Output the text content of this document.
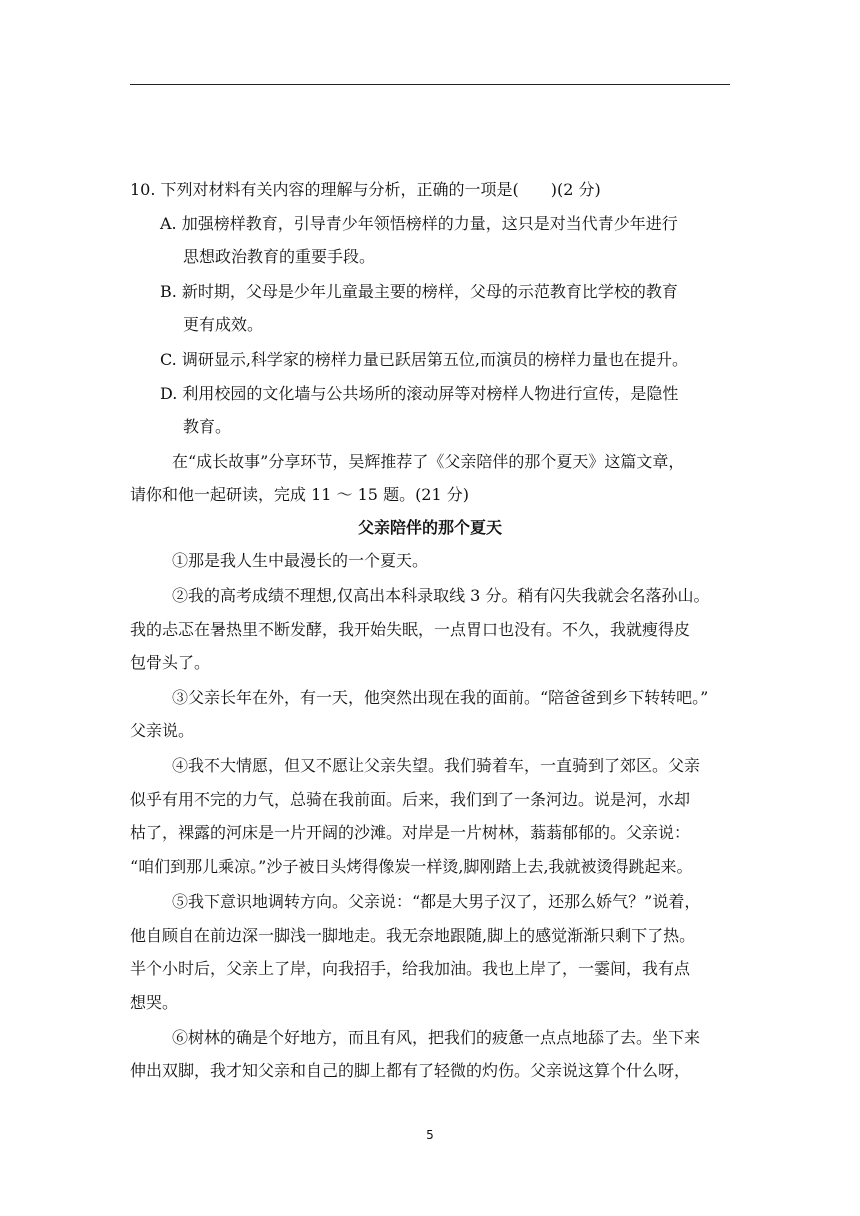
10. 下列对材料有关内容的理解与分析，正确的一项是(　　)(2 分)
A. 加强榜样教育，引导青少年领悟榜样的力量，这只是对当代青少年进行
思想政治教育的重要手段。
B. 新时期，父母是少年儿童最主要的榜样，父母的示范教育比学校的教育
更有成效。
C. 调研显示,科学家的榜样力量已跃居第五位,而演员的榜样力量也在提升。
D. 利用校园的文化墙与公共场所的滚动屏等对榜样人物进行宣传，是隐性
教育。
在“成长故事”分享环节，吴辉推荐了《父亲陪伴的那个夏天》这篇文章，
请你和他一起研读，完成 11 ～ 15 题。(21 分)
父亲陪伴的那个夏天
①那是我人生中最漫长的一个夏天。
②我的高考成绩不理想,仅高出本科录取线 3 分。稍有闪失我就会名落孙山。
我的忐忑在暑热里不断发酵，我开始失眠，一点胃口也没有。不久，我就瘦得皮
包骨头了。
③父亲长年在外，有一天，他突然出现在我的面前。“陪爸爸到乡下转转吧。”
父亲说。
④我不大情愿，但又不愿让父亲失望。我们骑着车，一直骑到了郊区。父亲
似乎有用不完的力气，总骑在我前面。后来，我们到了一条河边。说是河，水却
枯了，裸露的河床是一片开阔的沙滩。对岸是一片树林，蓊蓊郁郁的。父亲说：
“咱们到那儿乘凉。”沙子被日头烤得像炭一样烫,脚刚踏上去,我就被烫得跳起来。
⑤我下意识地调转方向。父亲说：“都是大男子汉了，还那么娇气？”说着，
他自顾自在前边深一脚浅一脚地走。我无奈地跟随,脚上的感觉渐渐只剩下了热。
半个小时后，父亲上了岸，向我招手，给我加油。我也上岸了，一霎间，我有点
想哭。
⑥树林的确是个好地方，而且有风，把我们的疲惫一点点地舔了去。坐下来
伸出双脚，我才知父亲和自己的脚上都有了轻微的灼伤。父亲说这算个什么呀，
5
